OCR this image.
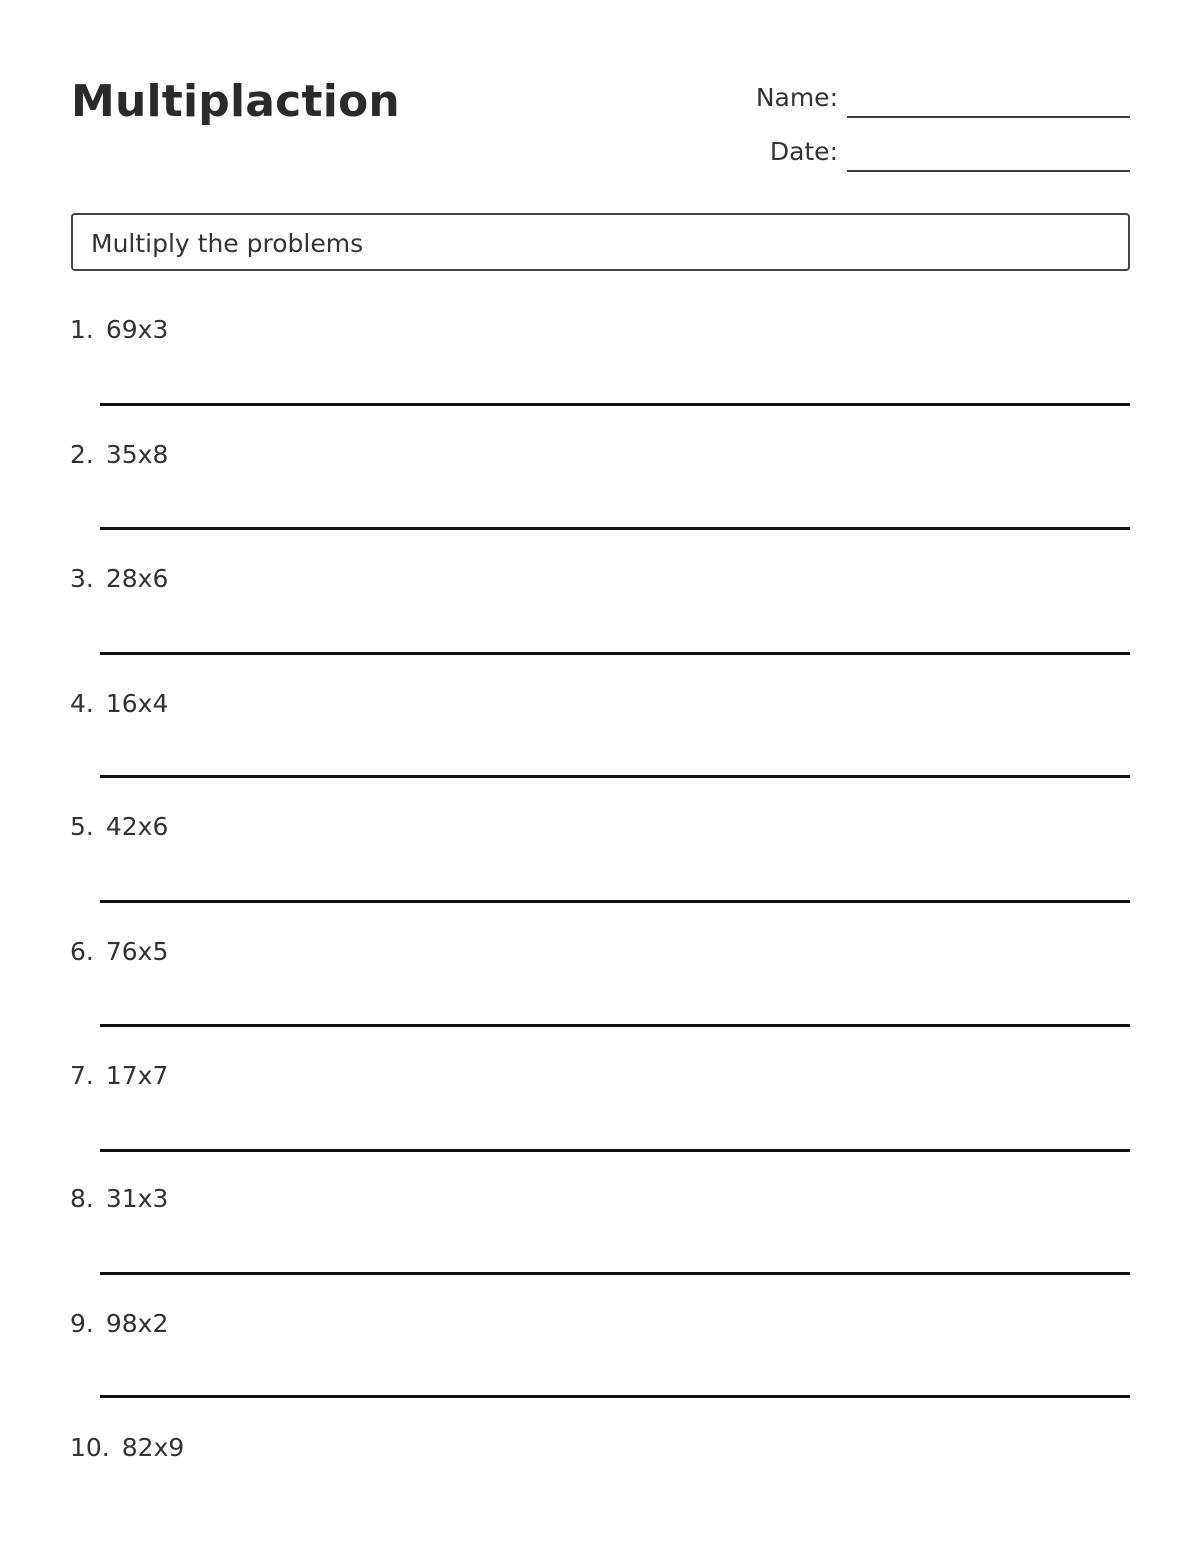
Multiplaction	Name:
Date:
Multiply the problems
1. 69x3
2. 35x8
3. 28x6
4. 16x4
5. 42x6
6. 76x5
7. 17x7
8. 31x3
9. 98x2
10. 82x9
